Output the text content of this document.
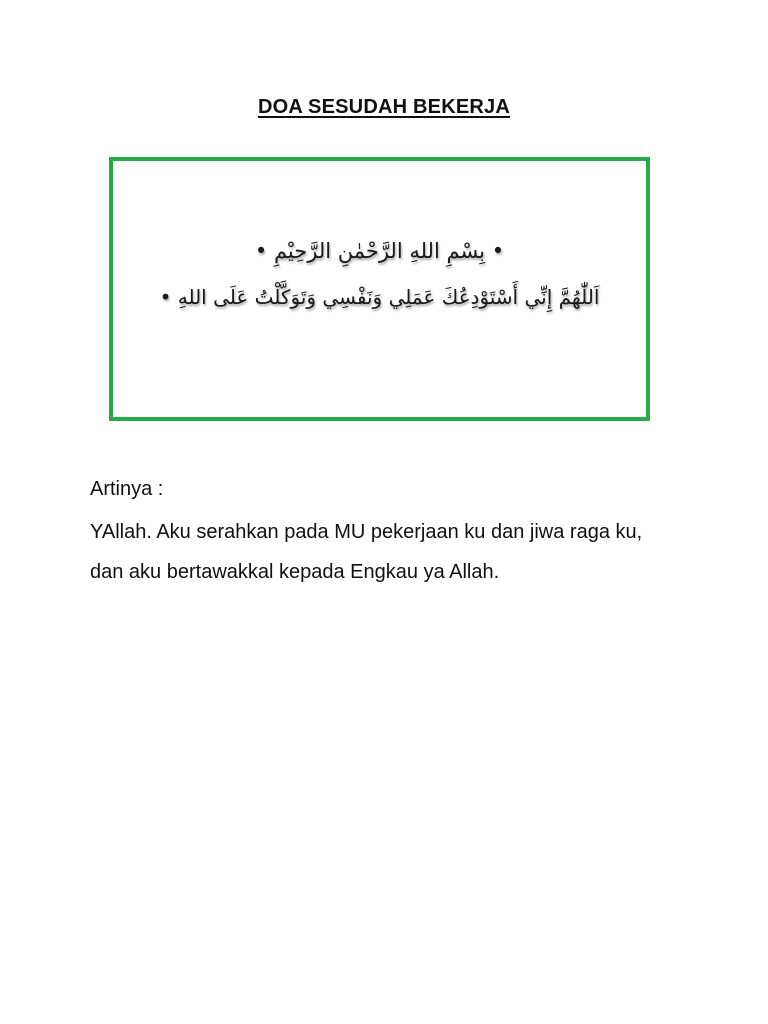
DOA SESUDAH BEKERJA
• بِسْمِ اللهِ الرَّحْمٰنِ الرَّحِيْمِ •
اَللّٰهُمَّ إِنِّي أَسْتَوْدِعُكَ عَمَلِي وَنَفْسِي وَتَوَكَّلْتُ عَلَى اللهِ •
Artinya :
YAllah. Aku serahkan pada MU pekerjaan ku dan jiwa raga ku,
dan aku bertawakkal kepada Engkau ya Allah.
